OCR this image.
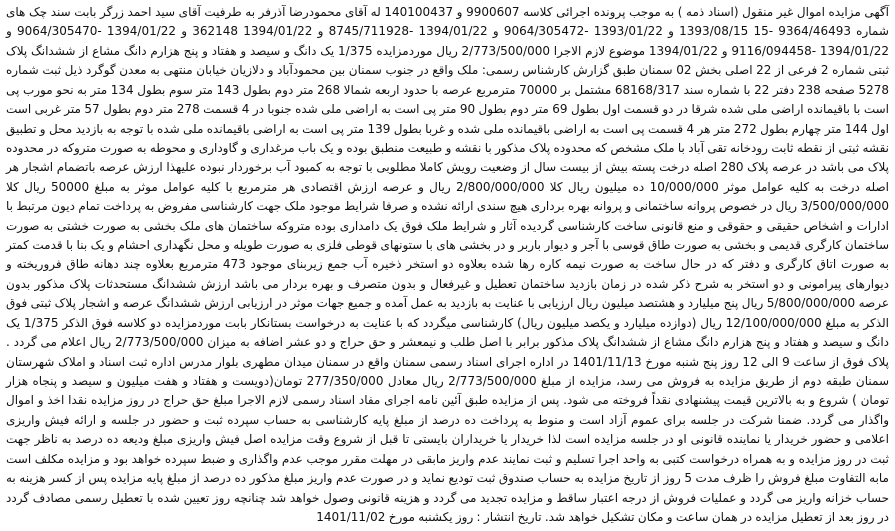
آگهی مزایده اموال غیر منقول (اسناد ذمه ) به موجب پرونده اجرائی کلاسه 9900607 و 140100437 له آقای محمودرضا آذرفر به طرفیت آقای سید احمد زرگر بابت سند چک های شماره 9364/46493 -15 1393/08/15 و 1393/01/22 -9064/305472 و 1394/01/22 -8745/711928 و 1394/01/22 362148 و 1394/01/22 -9064/305470 و 1394/01/22 -9116/094458 و 1394/01/22 موضوع لازم الاجرا 2/773/500/000 ریال موردمزایده 1/375 یک دانگ و سیصد و هفتاد و پنج هزارم دانگ مشاع از ششدانگ پلاک ثبتی شماره 2 فرعی از 22 اصلی بخش 02 سمنان طبق گزارش کارشناس رسمی: ملک واقع در جنوب سمنان بین محمودآباد و دلازیان خیابان منتهی به معدن گوگرد ذیل ثبت شماره 5278 صفحه 238 دفتر 22 با شماره سند 68168/317 مشتمل بر 70000 مترمربع عرصه با حدود اربعه شمالا 268 متر دوم بطول 143 متر سوم بطول 134 متر به نحو مورب پی است با باقیمانده اراضی ملی شده شرقا در دو قسمت اول بطول 69 متر دوم بطول 90 متر پی است به اراضی ملی شده جنوبا در 4 قسمت 278 متر دوم بطول 57 متر غربی است اول 144 متر چهارم بطول 272 متر هر 4 قسمت پی است به اراضی باقیمانده ملی شده و غربا بطول 139 متر پی است به اراضی باقیمانده ملی شده با توجه به بازدید محل و تطبیق نقشه ثبتی از نقطه ثابت رودخانه تقی آباد با ملک مشخص که محدوده پلاک مذکور با نقشه و طبیعت منطبق بوده و یک باب مرغداری و گاوداری و محوطه به صورت متروکه در محدوده پلاک می باشد در عرصه پلاک 280 اصله درخت پسته بیش از بیست سال از وضعیت رویش کاملا مطلوبی با توجه به کمبود آب برخوردار نبوده علیهذا ارزش عرصه باتضمام اشجار هر اصله درخت به کلیه عوامل موثر 10/000/000 ده میلیون ریال کلا 2/800/000/000 ریال و عرصه ارزش اقتصادی هر مترمربع با کلیه عوامل موثر به مبلغ 50000 ریال کلا 3/500/000/000 ریال در خصوص پروانه ساختمانی و پروانه بهره برداری هیچ سندی ارائه نشده و صرفا شرایط موجود ملک جهت کارشناسی مفروض به پرداخت تمام دیون مرتبط با ادارات و اشخاص حقیقی و حقوقی و منع قانونی ساخت کارشناسی گردیده آثار و شرایط ملک فوق یک دامداری بوده متروکه ساختمان های ملک بخشی به صورت خشتی به صورت ساختمان کارگری قدیمی و بخشی به صورت طاق قوسی با آجر و دیوار باربر و در بخشی های با ستونهای قوطی فلزی به صورت طویله و محل نگهداری احشام و یک بنا با قدمت کمتر به صورت اتاق کارگری و دفتر که در حال ساخت به صورت نیمه کاره رها شده بعلاوه دو استخر ذخیره آب جمع زیربنای موجود 473 مترمربع بعلاوه چند دهانه طاق فروریخته و دیوارهای پیرامونی و دو استخر به شرح ذکر شده در زمان بازدید ساختمان تعطیل و غیرفعال و بدون متصرف و بهره بردار می باشد ارزش ششدانگ مستحدثات پلاک مذکور بدون عرصه 5/800/000/000 ریال پنج میلیارد و هشتصد میلیون ریال ارزیابی با عنایت به بازدید به عمل آمده و جمیع جهات موثر در ارزیابی ارزش ششدانگ عرصه و اشجار پلاک ثبتی فوق الذکر به مبلغ 12/100/000/000 ریال (دوازده میلیارد و یکصد میلیون ریال) کارشناسی میگردد که با عنایت به درخواست بستانکار بابت موردمزایده دو کلاسه فوق الذکر 1/375 یک دانگ و سیصد و هفتاد و پنج هزارم دانگ مشاع از ششدانگ پلاک مذکور برابر با اصل طلب و نیمعشر و حق حراج و دو عشر اضافه به میزان 2/773/500/000 ریال اعلام می گردد . پلاک فوق از ساعت 9 الی 12 روز پنج شنبه مورخ 1401/11/13 در اداره اجرای اسناد رسمی سمنان واقع در سمنان میدان مطهری بلوار مدرس اداره ثبت اسناد و املاک شهرستان سمنان طبقه دوم از طریق مزایده به فروش می رسد، مزایده از مبلغ 2/773/500/000 ریال معادل 277/350/000 تومان(دویست و هفتاد و هفت میلیون و سیصد و پنجاه هزار تومان ) شروع و به بالاترین قیمت پیشنهادی نقداً فروخته می شود. پس از مزایده طبق آئین نامه اجرای مفاد اسناد رسمی لازم الاجرا مبلغ حق حراج در روز مزایده نقدا اخذ و اموال واگذار می گردد. ضمنا شرکت در جلسه برای عموم آزاد است و منوط به پرداخت ده درصد از مبلغ پایه کارشناسی به حساب سپرده ثبت و حضور در جلسه و ارائه فیش واریزی اعلامی و حضور خریدار یا نماینده قانونی او در جلسه مزایده است لذا خریدار یا خریداران بایستی تا قبل از شروع وقت مزایده اصل فیش واریزی مبلغ ودیعه ده درصد به ناظر جهت ثبت در روز مزایده و به همراه درخواست کتبی به واحد اجرا تسلیم و ثبت نمایند عدم واریز مابقی در مهلت مقرر موجب عدم واگذاری و ضبط سپرده خواهد بود و مزایده مکلف است مابه التفاوت مبلغ فروش را ظرف مدت 5 روز از تاریخ مزایده به حساب صندوق ثبت تودیع نماید و در صورت عدم واریز مبلغ مذکور ده درصد از مبلغ پایه مزایده پس از کسر هزینه به حساب خزانه واریز می گردد و عملیات فروش از درجه اعتبار ساقط و مزایده تجدید می گردد و هزینه قانونی وصول خواهد شد چنانچه روز تعیین شده با تعطیل رسمی مصادف گردد در روز بعد از تعطیل مزایده در همان ساعت و مکان تشکیل خواهد شد. تاریخ انتشار : روز یکشنبه مورخ 1401/11/02
